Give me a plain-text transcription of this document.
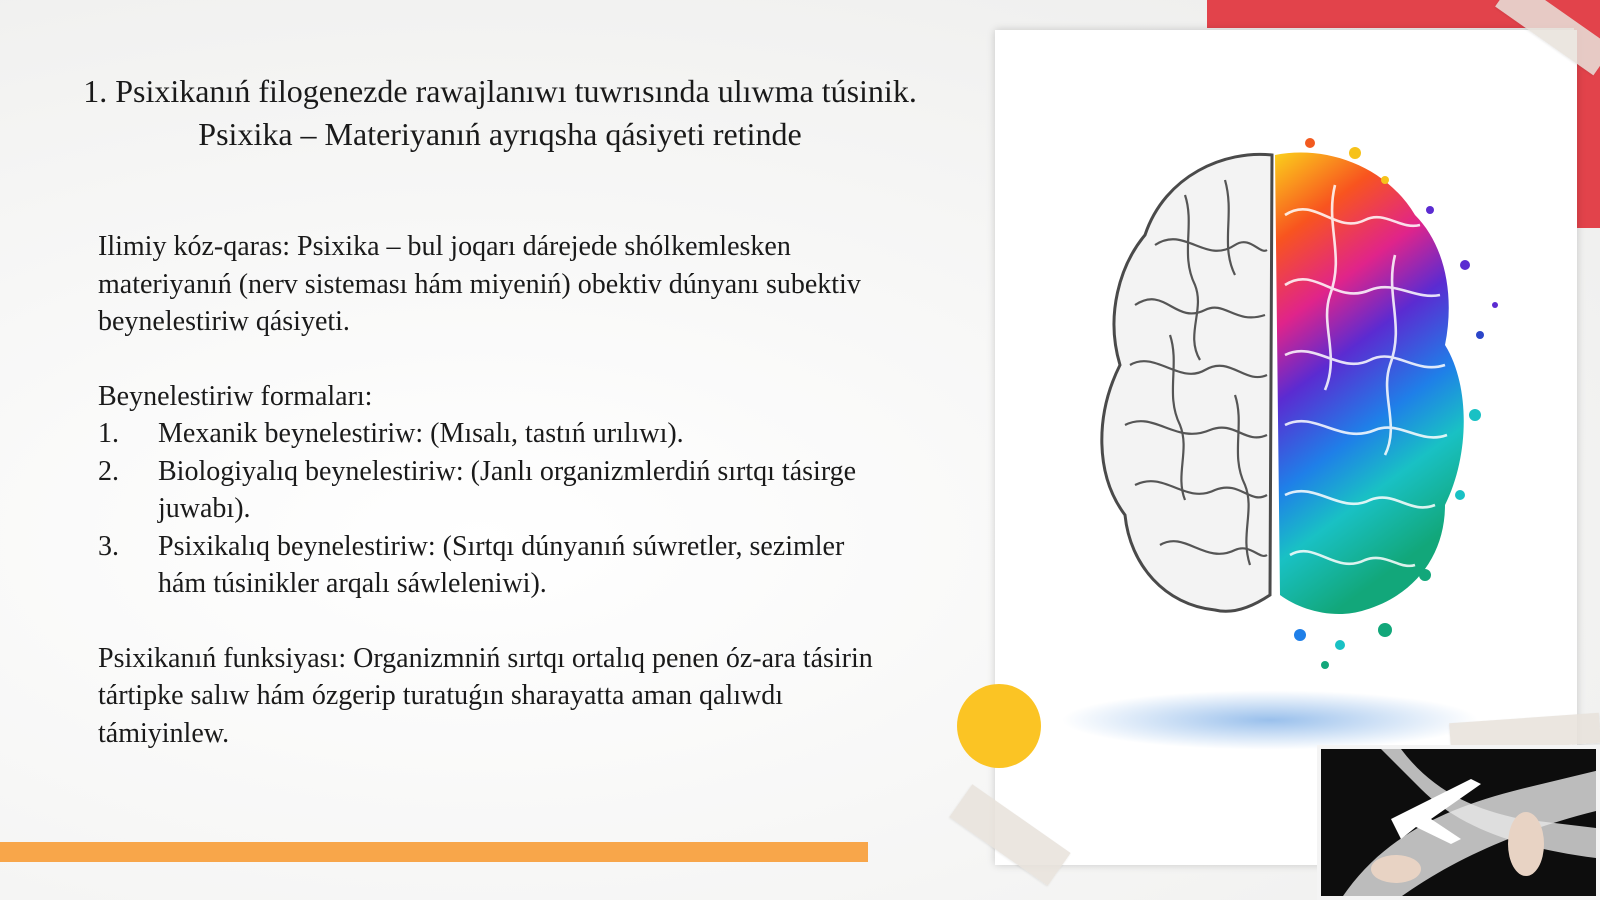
1. Psixikanıń filogenezde rawajlanıwı tuwrısında ulıwma túsinik.
Psixika – Materiyanıń ayrıqsha qásiyeti retinde

Ilimiy kóz-qaras: Psixika – bul joqarı dárejede shólkemlesken materiyanıń (nerv sisteması hám miyeniń) obektiv dúnyanı subektiv beynelestiriw qásiyeti.

Beynelestiriw formaları:

1.	Mexanik beynelestiriw: (Mısalı, tastıń urılıwı).
2.	Biologiyalıq beynelestiriw: (Janlı organizmlerdiń sırtqı tásirge juwabı).
3.	Psixikalıq beynelestiriw: (Sırtqı dúnyanıń súwretler, sezimler hám túsinikler arqalı sáwleleniwi).

Psixikanıń funksiyası: Organizmniń sırtqı ortalıq penen óz-ara tásirin tártipke salıw hám ózgerip turatuǵın sharayatta aman qalıwdı támiyinlew.
